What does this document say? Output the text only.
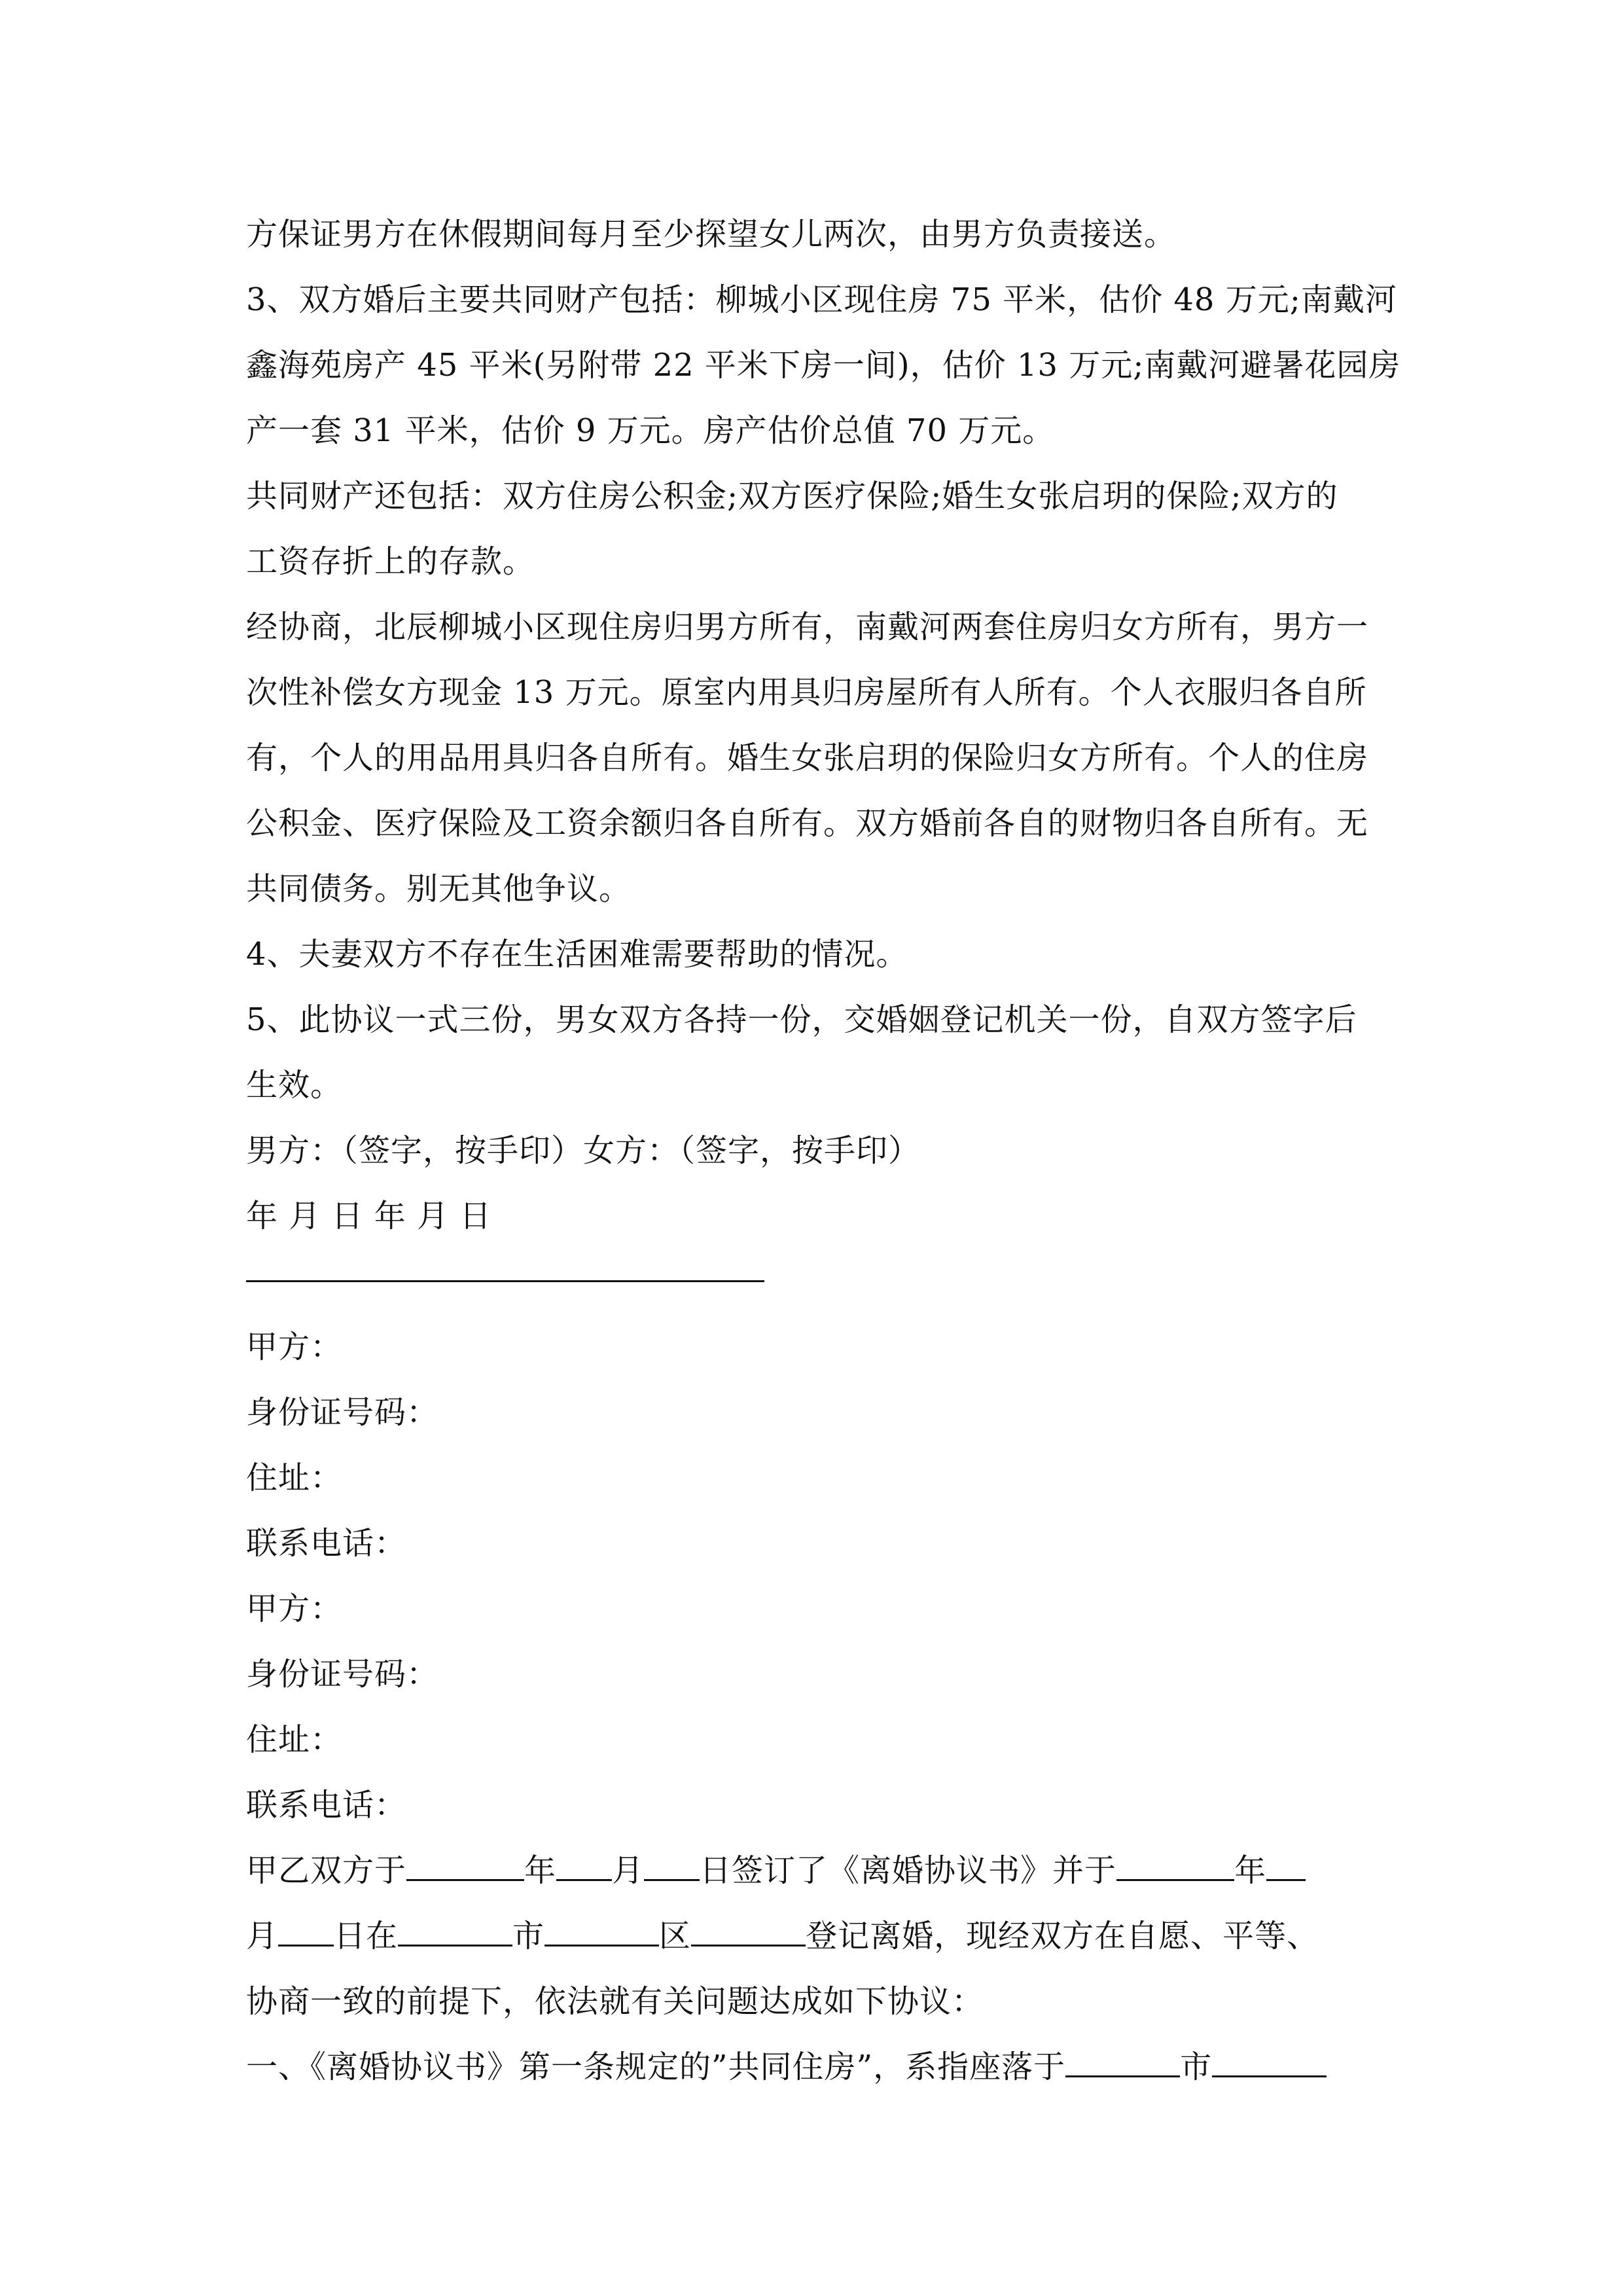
方保证男方在休假期间每月至少探望女儿两次，由男方负责接送。
3、双方婚后主要共同财产包括：柳城小区现住房 75 平米，估价 48 万元;南戴河
鑫海苑房产 45 平米(另附带 22 平米下房一间)，估价 13 万元;南戴河避暑花园房
产一套 31 平米，估价 9 万元。房产估价总值 70 万元。
共同财产还包括：双方住房公积金;双方医疗保险;婚生女张启玥的保险;双方的
工资存折上的存款。
经协商，北辰柳城小区现住房归男方所有，南戴河两套住房归女方所有，男方一
次性补偿女方现金 13 万元。原室内用具归房屋所有人所有。个人衣服归各自所
有，个人的用品用具归各自所有。婚生女张启玥的保险归女方所有。个人的住房
公积金、医疗保险及工资余额归各自所有。双方婚前各自的财物归各自所有。无
共同债务。别无其他争议。
4、夫妻双方不存在生活困难需要帮助的情况。
5、此协议一式三份，男女双方各持一份，交婚姻登记机关一份，自双方签字后
生效。
男方：（签字，按手印）女方：（签字，按手印）
年 月 日 年 月 日
甲方：
身份证号码：
住址：
联系电话：
甲方：
身份证号码：
住址：
联系电话：
甲乙双方于	年 月 日签订了《离婚协议书》并于	年
月 日在	市	区	登记离婚，现经双方在自愿、平等、
协商一致的前提下，依法就有关问题达成如下协议：
一、《离婚协议书》第一条规定的”共同住房”，系指座落于	市
